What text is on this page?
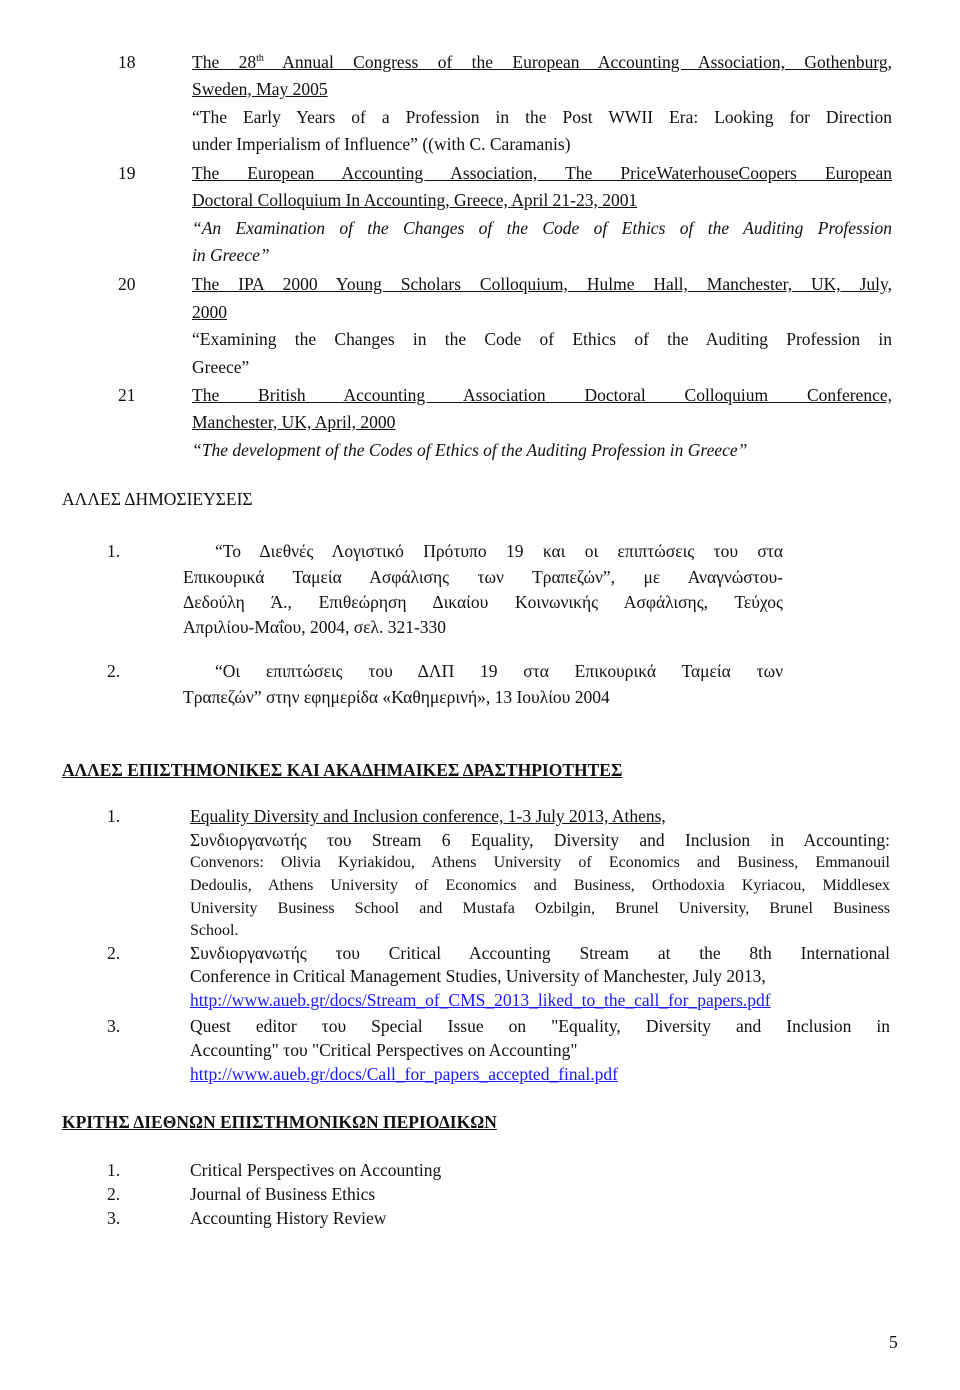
18	The 28th Annual Congress of the European Accounting Association, Gothenburg,
Sweden, May 2005
“The Early Years of a Profession in the Post WWII Era: Looking for Direction
under Imperialism of Influence” ((with C. Caramanis)
19	The European Accounting Association, The PriceWaterhouseCoopers European
Doctoral Colloquium In Accounting, Greece, April 21-23, 2001
“An Examination of the Changes of the Code of Ethics of the Auditing Profession
in Greece”
20	The IPA 2000 Young Scholars Colloquium, Hulme Hall, Manchester, UK, July,
2000
“Examining the Changes in the Code of Ethics of the Auditing Profession in
Greece”
21	The British Accounting Association Doctoral Colloquium Conference,
Manchester, UK, April, 2000
“The development of the Codes of Ethics of the Auditing Profession in Greece”
ΑΛΛΕΣ ΔΗΜΟΣΙΕΥΣΕΙΣ
1.	“Το Διεθνές Λογιστικό Πρότυπο 19 και οι επιπτώσεις του στα
Επικουρικά Ταμεία Ασφάλισης των Τραπεζών”, με Αναγνώστου-
Δεδούλη Ά., Επιθεώρηση Δικαίου Κοινωνικής Ασφάλισης, Τεύχος
Απριλίου-Μαΐου, 2004, σελ. 321-330
2.	“Οι επιπτώσεις του ΔΛΠ 19 στα Επικουρικά Ταμεία των
Τραπεζών” στην εφημερίδα «Καθημερινή», 13 Ιουλίου 2004
ΑΛΛΕΣ ΕΠΙΣΤΗΜΟΝΙΚΕΣ ΚΑΙ ΑΚΑΔΗΜΑΙΚΕΣ ΔΡΑΣΤΗΡΙΟΤΗΤΕΣ
1.	Equality Diversity and Inclusion conference, 1-3 July 2013, Athens,
Συνδιοργανωτής του Stream 6 Equality, Diversity and Inclusion in Accounting:
Convenors: Olivia Kyriakidou, Athens University of Economics and Business, Emmanouil
Dedoulis, Athens University of Economics and Business, Orthodoxia Kyriacou, Middlesex
University Business School and Mustafa Ozbilgin, Brunel University, Brunel Business
School.
2.	Συνδιοργανωτής του Critical Accounting Stream at the 8th International
Conference in Critical Management Studies, University of Manchester, July 2013,
http://www.aueb.gr/docs/Stream_of_CMS_2013_liked_to_the_call_for_papers.pdf
3.	Quest editor του Special Issue on "Equality, Diversity and Inclusion in
Accounting" του "Critical Perspectives on Accounting"
http://www.aueb.gr/docs/Call_for_papers_accepted_final.pdf
ΚΡΙΤΗΣ ΔΙΕΘΝΩΝ ΕΠΙΣΤΗΜΟΝΙΚΩΝ ΠΕΡΙΟΔΙΚΩΝ
1.	Critical Perspectives on Accounting
2.	Journal of Business Ethics
3.	Accounting History Review
5
